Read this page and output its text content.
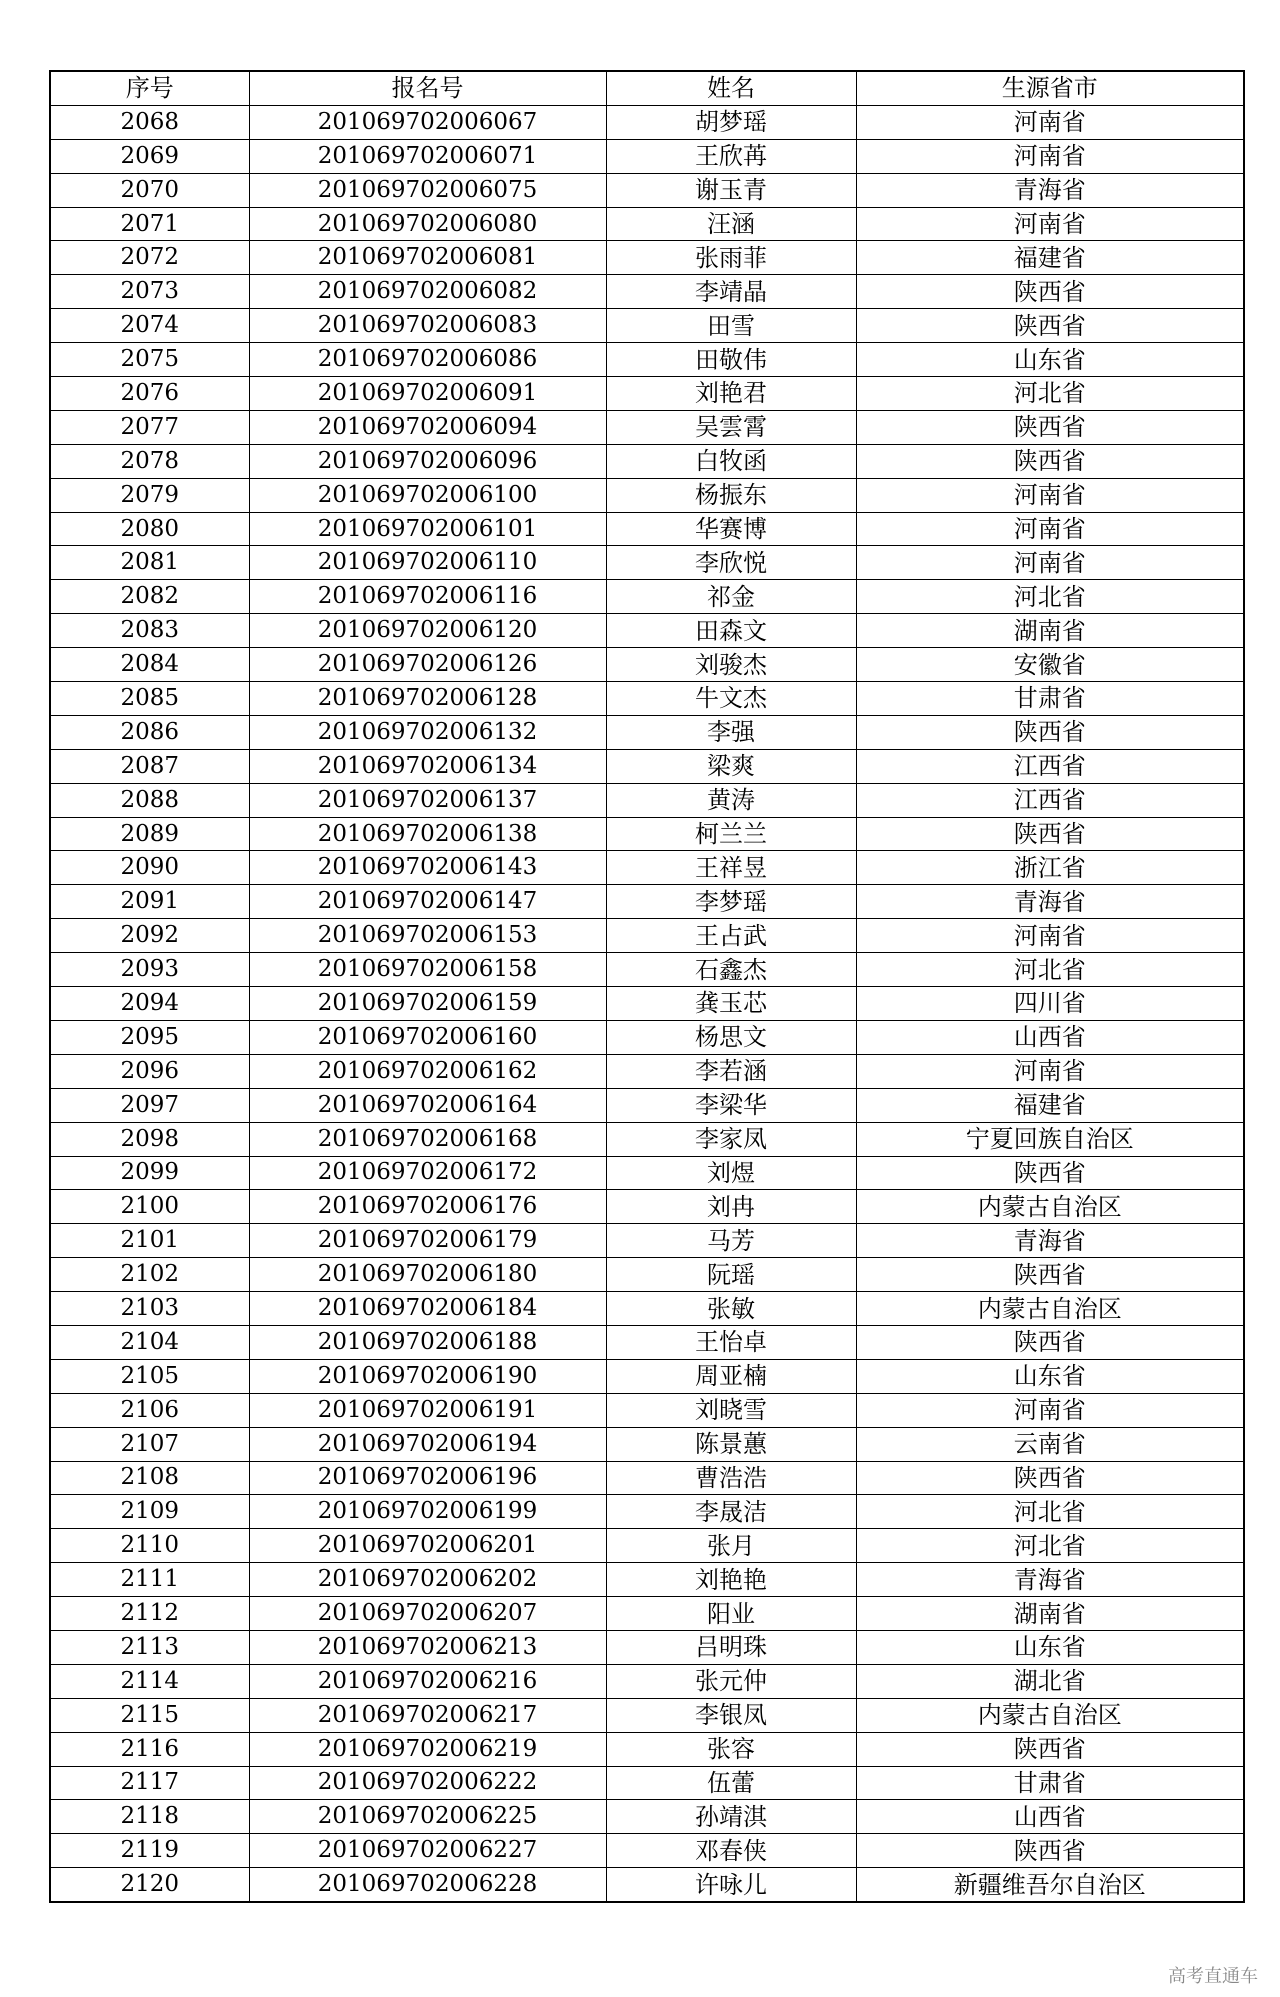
序号	报名号	姓名	生源省市
2068	201069702006067	胡梦瑶	河南省
2069	201069702006071	王欣苒	河南省
2070	201069702006075	谢玉青	青海省
2071	201069702006080	汪涵	河南省
2072	201069702006081	张雨菲	福建省
2073	201069702006082	李靖晶	陕西省
2074	201069702006083	田雪	陕西省
2075	201069702006086	田敬伟	山东省
2076	201069702006091	刘艳君	河北省
2077	201069702006094	吴雲霄	陕西省
2078	201069702006096	白牧函	陕西省
2079	201069702006100	杨振东	河南省
2080	201069702006101	华赛博	河南省
2081	201069702006110	李欣悦	河南省
2082	201069702006116	祁金	河北省
2083	201069702006120	田森文	湖南省
2084	201069702006126	刘骏杰	安徽省
2085	201069702006128	牛文杰	甘肃省
2086	201069702006132	李强	陕西省
2087	201069702006134	梁爽	江西省
2088	201069702006137	黄涛	江西省
2089	201069702006138	柯兰兰	陕西省
2090	201069702006143	王祥昱	浙江省
2091	201069702006147	李梦瑶	青海省
2092	201069702006153	王占武	河南省
2093	201069702006158	石鑫杰	河北省
2094	201069702006159	龚玉芯	四川省
2095	201069702006160	杨思文	山西省
2096	201069702006162	李若涵	河南省
2097	201069702006164	李梁华	福建省
2098	201069702006168	李家凤	宁夏回族自治区
2099	201069702006172	刘煜	陕西省
2100	201069702006176	刘冉	内蒙古自治区
2101	201069702006179	马芳	青海省
2102	201069702006180	阮瑶	陕西省
2103	201069702006184	张敏	内蒙古自治区
2104	201069702006188	王怡卓	陕西省
2105	201069702006190	周亚楠	山东省
2106	201069702006191	刘晓雪	河南省
2107	201069702006194	陈景蕙	云南省
2108	201069702006196	曹浩浩	陕西省
2109	201069702006199	李晟洁	河北省
2110	201069702006201	张月	河北省
2111	201069702006202	刘艳艳	青海省
2112	201069702006207	阳业	湖南省
2113	201069702006213	吕明珠	山东省
2114	201069702006216	张元仲	湖北省
2115	201069702006217	李银凤	内蒙古自治区
2116	201069702006219	张容	陕西省
2117	201069702006222	伍蕾	甘肃省
2118	201069702006225	孙靖淇	山西省
2119	201069702006227	邓春侠	陕西省
2120	201069702006228	许咏儿	新疆维吾尔自治区
高考直通车
